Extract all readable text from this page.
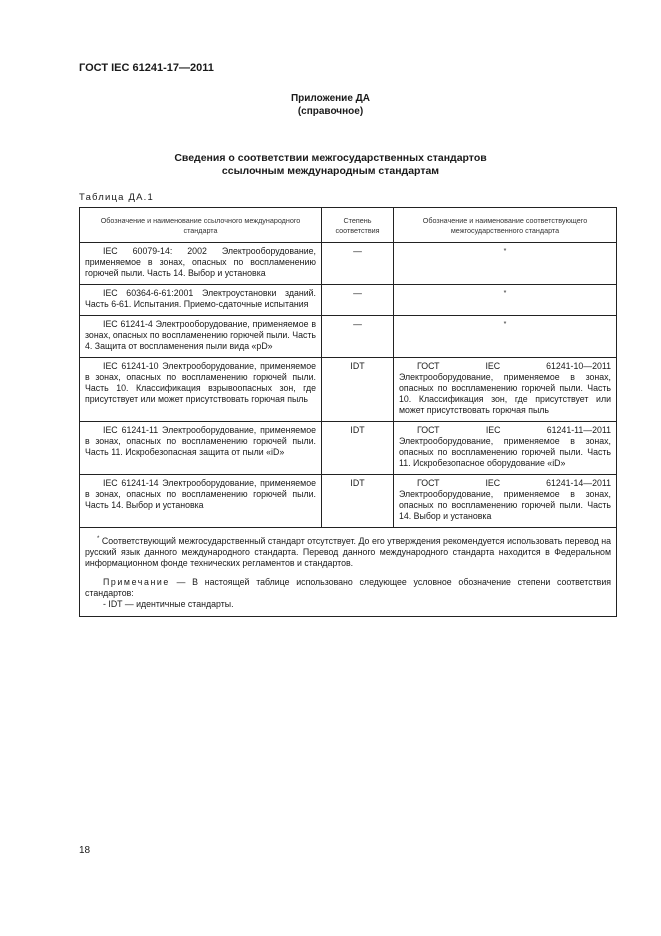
ГОСТ IEC 61241-17—2011
Приложение ДА
(справочное)
Сведения о соответствии межгосударственных стандартов
ссылочным международным стандартам
Таблица ДА.1
Обозначение и наименование ссылочного международного стандарта	Степень соответствия	Обозначение и наименование соответствующего межгосударственного стандарта
IEC 60079-14: 2002 Электрооборудование, применяемое в зонах, опасных по воспламенению горючей пыли. Часть 14. Выбор и установка	—	*
IEC 60364-6-61:2001 Электроустановки зданий. Часть 6-61. Испытания. Приемо-сдаточные испытания	—	*
IEC 61241-4 Электрооборудование, применяемое в зонах, опасных по воспламенению горючей пыли. Часть 4. Защита от воспламенения пыли вида «pD»	—	*
IEC 61241-10 Электрооборудование, применяемое в зонах, опасных по воспламенению горючей пыли. Часть 10. Классификация взрывоопасных зон, где присутствует или может присутствовать горючая пыль	IDT	ГОСТ IEC 61241-10—2011 Электрооборудование, применяемое в зонах, опасных по воспламенению горючей пыли. Часть 10. Классификация зон, где присутствует или может присутствовать горючая пыль
IEC 61241-11 Электрооборудование, применяемое в зонах, опасных по воспламенению горючей пыли. Часть 11. Искробезопасная защита от пыли «iD»	IDT	ГОСТ IEC 61241-11—2011 Электрооборудование, применяемое в зонах, опасных по воспламенению горючей пыли. Часть 11. Искробезопасное оборудование «iD»
IEC 61241-14 Электрооборудование, применяемое в зонах, опасных по воспламенению горючей пыли. Часть 14. Выбор и установка	IDT	ГОСТ IEC 61241-14—2011 Электрооборудование, применяемое в зонах, опасных по воспламенению горючей пыли. Часть 14. Выбор и установка

* Соответствующий межгосударственный стандарт отсутствует. До его утверждения рекомендуется использовать перевод на русский язык данного международного стандарта. Перевод данного международного стандарта находится в Федеральном информационном фонде технических регламентов и стандартов.

Примечание — В настоящей таблице использовано следующее условное обозначение степени соответствия стандартов:

- IDT — идентичные стандарты.		

18
